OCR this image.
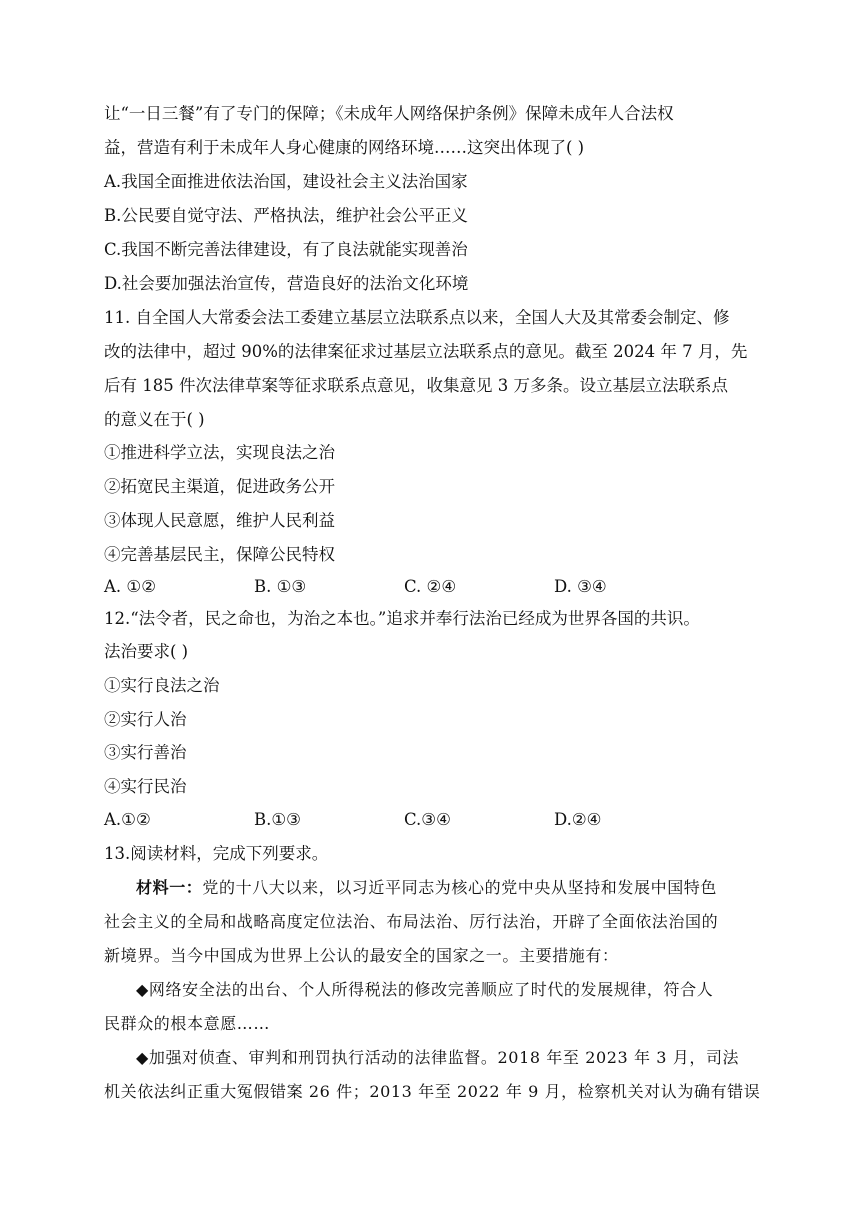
让“一日三餐”有了专门的保障；《未成年人网络保护条例》保障未成年人合法权
益，营造有利于未成年人身心健康的网络环境……这突出体现了( )
A.我国全面推进依法治国，建设社会主义法治国家
B.公民要自觉守法、严格执法，维护社会公平正义
C.我国不断完善法律建设，有了良法就能实现善治
D.社会要加强法治宣传，营造良好的法治文化环境
11. 自全国人大常委会法工委建立基层立法联系点以来，全国人大及其常委会制定、修
改的法律中，超过 90%的法律案征求过基层立法联系点的意见。截至 2024 年 7 月，先
后有 185 件次法律草案等征求联系点意见，收集意见 3 万多条。设立基层立法联系点
的意义在于( )
①推进科学立法，实现良法之治
②拓宽民主渠道，促进政务公开
③体现人民意愿，维护人民利益
④完善基层民主，保障公民特权
A. ①②	B. ①③	C. ②④	D. ③④
12.“法令者，民之命也，为治之本也。”追求并奉行法治已经成为世界各国的共识。
法治要求( )
①实行良法之治
②实行人治
③实行善治
④实行民治
A.①②	B.①③	C.③④	D.②④
13.阅读材料，完成下列要求。
材料一：党的十八大以来，以习近平同志为核心的党中央从坚持和发展中国特色
社会主义的全局和战略高度定位法治、布局法治、厉行法治，开辟了全面依法治国的
新境界。当今中国成为世界上公认的最安全的国家之一。主要措施有：
◆网络安全法的出台、个人所得税法的修改完善顺应了时代的发展规律，符合人
民群众的根本意愿……
◆加强对侦查、审判和刑罚执行活动的法律监督。2018 年至 2023 年 3 月，司法
机关依法纠正重大冤假错案 26 件；2013 年至 2022 年 9 月，检察机关对认为确有错误
